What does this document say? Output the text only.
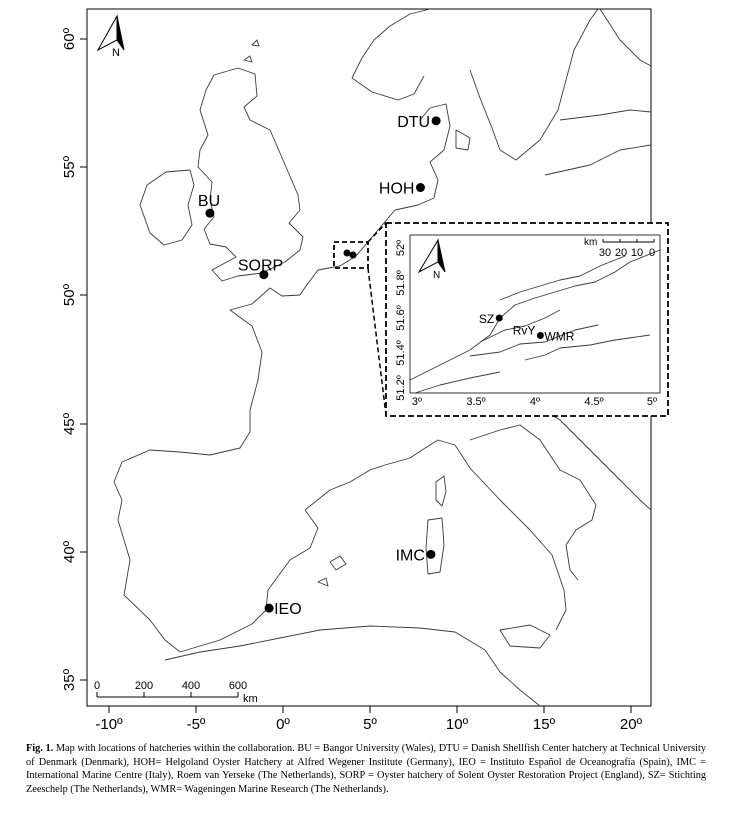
-10º	-5º	0º	5º	10º	15º	20º
35º
40º
45º
50º
55º
60º
N
0	200	400	600
km
DTU
HOH
BU
SORP
IMC
IEO
N
km
30 20 10 0
3º	3.5º	4º	4.5º	5º
51.2º
51.4º
51.6º
51.8º
52º
SZ
RvY WMR
Fig. 1. Map with locations of hatcheries within the collaboration. BU = Bangor University (Wales), DTU = Danish Shellfish Center hatchery at Technical University of Denmark (Denmark), HOH= Helgoland Oyster Hatchery at Alfred Wegener Institute (Germany), IEO = Instituto Español de Oceanografía (Spain), IMC = International Marine Centre (Italy), Roem van Yerseke (The Netherlands), SORP = Oyster hatchery of Solent Oyster Restoration Project (England), SZ= Stichting Zeeschelp (The Netherlands), WMR= Wageningen Marine Research (The Netherlands).
